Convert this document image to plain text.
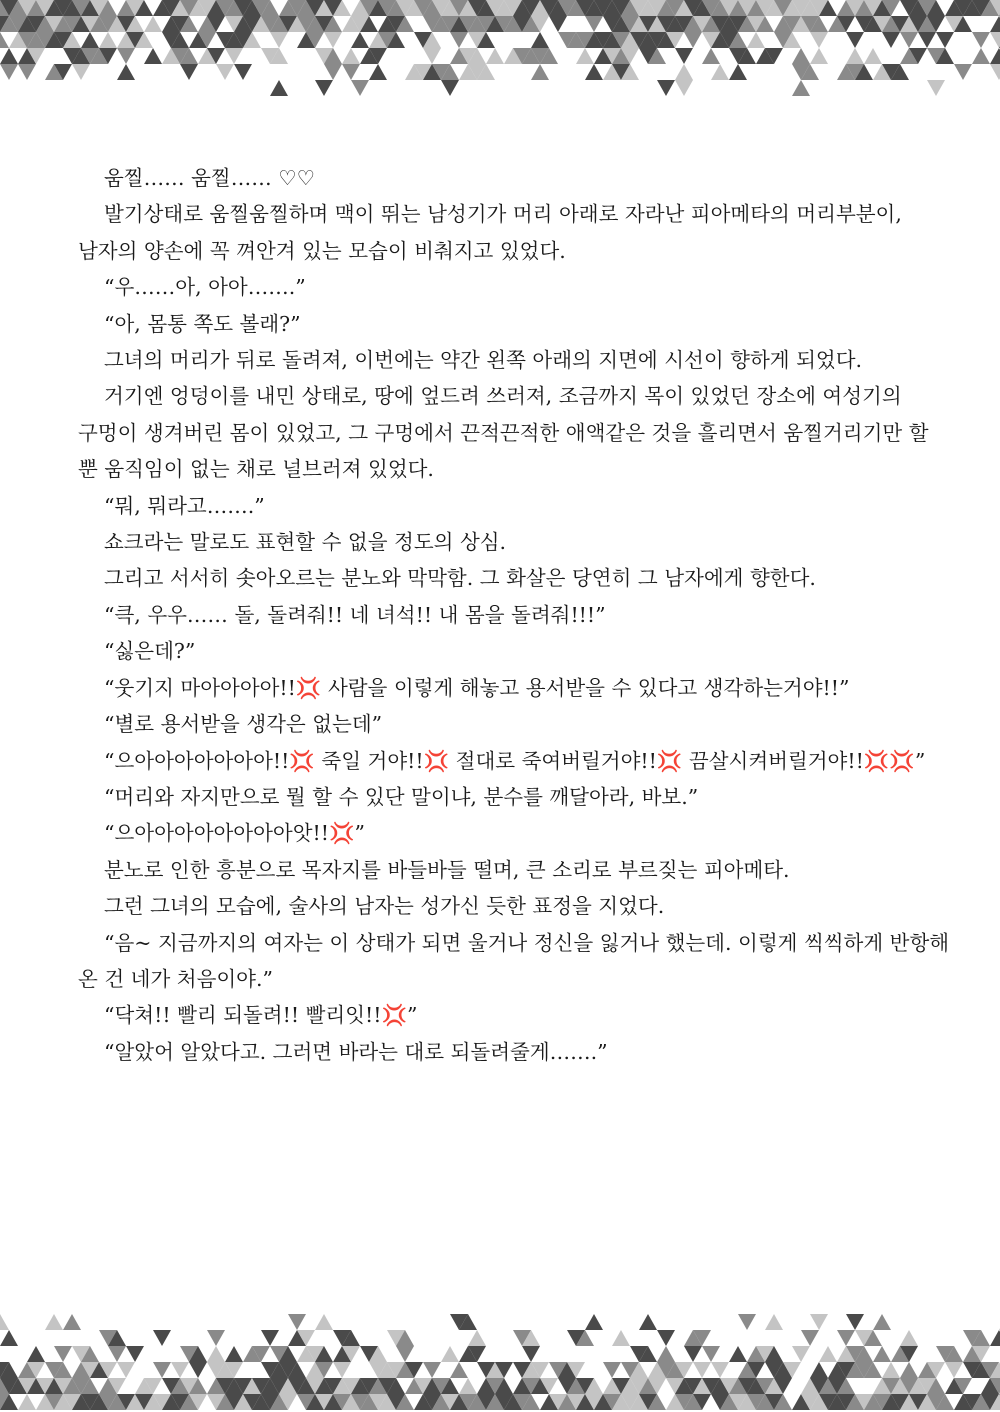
움찔…… 움찔…… ♡♡

발기상태로 움찔움찔하며 맥이 뛰는 남성기가 머리 아래로 자라난 피아메타의 머리부분이, 남자의 양손에 꼭 껴안겨 있는 모습이 비춰지고 있었다.

“우……아, 아아…….”

“아, 몸통 쪽도 볼래?”

그녀의 머리가 뒤로 돌려져, 이번에는 약간 왼쪽 아래의 지면에 시선이 향하게 되었다.

거기엔 엉덩이를 내민 상태로, 땅에 엎드려 쓰러져, 조금까지 목이 있었던 장소에 여성기의 구멍이 생겨버린 몸이 있었고, 그 구멍에서 끈적끈적한 애액같은 것을 흘리면서 움찔거리기만 할 뿐 움직임이 없는 채로 널브러져 있었다.

“뭐, 뭐라고…….”

쇼크라는 말로도 표현할 수 없을 정도의 상심.

그리고 서서히 솟아오르는 분노와 막막함. 그 화살은 당연히 그 남자에게 향한다.

“큭, 우우…… 돌, 돌려줘!! 네 녀석!! 내 몸을 돌려줘!!!”

“싫은데?”

“웃기지 마아아아아!!💢 사람을 이렇게 해놓고 용서받을 수 있다고 생각하는거야!!”

“별로 용서받을 생각은 없는데”

“으아아아아아아아!!💢 죽일 거야!!💢 절대로 죽여버릴거야!!💢 끔살시켜버릴거야!!💢💢”

“머리와 자지만으로 뭘 할 수 있단 말이냐, 분수를 깨달아라, 바보.”

“으아아아아아아아아앗!!💢”

분노로 인한 흥분으로 목자지를 바들바들 떨며, 큰 소리로 부르짖는 피아메타.

그런 그녀의 모습에, 술사의 남자는 성가신 듯한 표정을 지었다.

“음~ 지금까지의 여자는 이 상태가 되면 울거나 정신을 잃거나 했는데. 이렇게 씩씩하게 반항해 온 건 네가 처음이야.”

“닥쳐!! 빨리 되돌려!! 빨리잇!!💢”

“알았어 알았다고. 그러면 바라는 대로 되돌려줄게…….”
